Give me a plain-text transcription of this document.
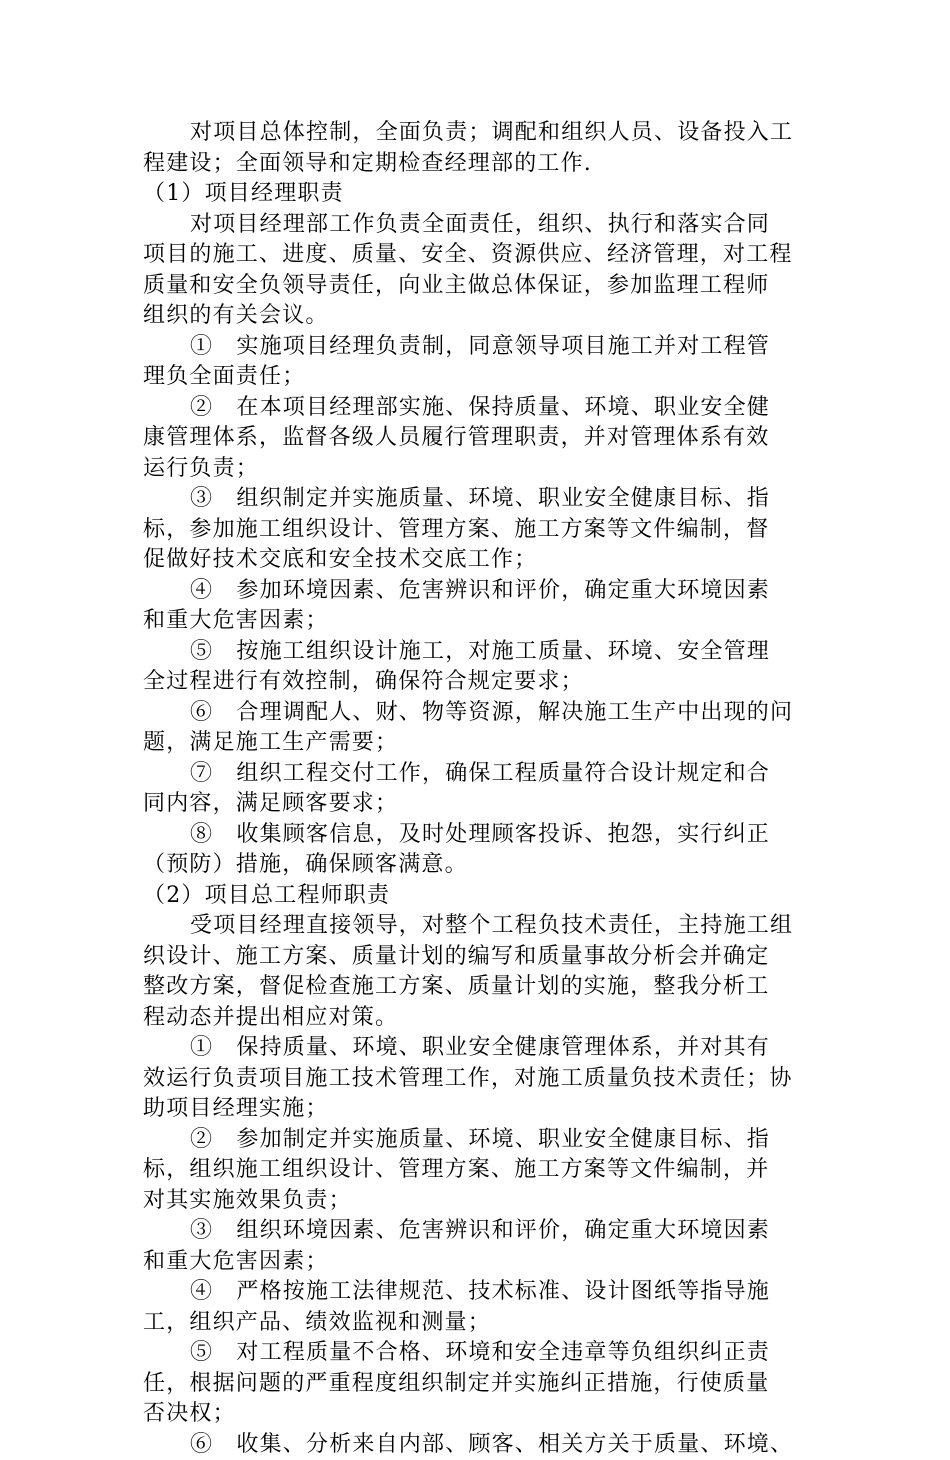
对项目总体控制，全面负责；调配和组织人员、设备投入工
程建设；全面领导和定期检查经理部的工作.
（1）项目经理职责
对项目经理部工作负责全面责任，组织、执行和落实合同
项目的施工、进度、质量、安全、资源供应、经济管理，对工程
质量和安全负领导责任，向业主做总体保证，参加监理工程师
组织的有关会议。
①　实施项目经理负责制，同意领导项目施工并对工程管
理负全面责任；
②　在本项目经理部实施、保持质量、环境、职业安全健
康管理体系，监督各级人员履行管理职责，并对管理体系有效
运行负责；
③　组织制定并实施质量、环境、职业安全健康目标、指
标，参加施工组织设计、管理方案、施工方案等文件编制，督
促做好技术交底和安全技术交底工作；
④　参加环境因素、危害辨识和评价，确定重大环境因素
和重大危害因素；
⑤　按施工组织设计施工，对施工质量、环境、安全管理
全过程进行有效控制，确保符合规定要求；
⑥　合理调配人、财、物等资源，解决施工生产中出现的问
题，满足施工生产需要；
⑦　组织工程交付工作，确保工程质量符合设计规定和合
同内容，满足顾客要求；
⑧　收集顾客信息，及时处理顾客投诉、抱怨，实行纠正
（预防）措施，确保顾客满意。
（2）项目总工程师职责
受项目经理直接领导，对整个工程负技术责任，主持施工组
织设计、施工方案、质量计划的编写和质量事故分析会并确定
整改方案，督促检查施工方案、质量计划的实施，整我分析工
程动态并提出相应对策。
①　保持质量、环境、职业安全健康管理体系，并对其有
效运行负责项目施工技术管理工作，对施工质量负技术责任；协
助项目经理实施；
②　参加制定并实施质量、环境、职业安全健康目标、指
标，组织施工组织设计、管理方案、施工方案等文件编制，并
对其实施效果负责；
③　组织环境因素、危害辨识和评价，确定重大环境因素
和重大危害因素；
④　严格按施工法律规范、技术标准、设计图纸等指导施
工，组织产品、绩效监视和测量；
⑤　对工程质量不合格、环境和安全违章等负组织纠正责
任，根据问题的严重程度组织制定并实施纠正措施，行使质量
否决权；
⑥　收集、分析来自内部、顾客、相关方关于质量、环境、
